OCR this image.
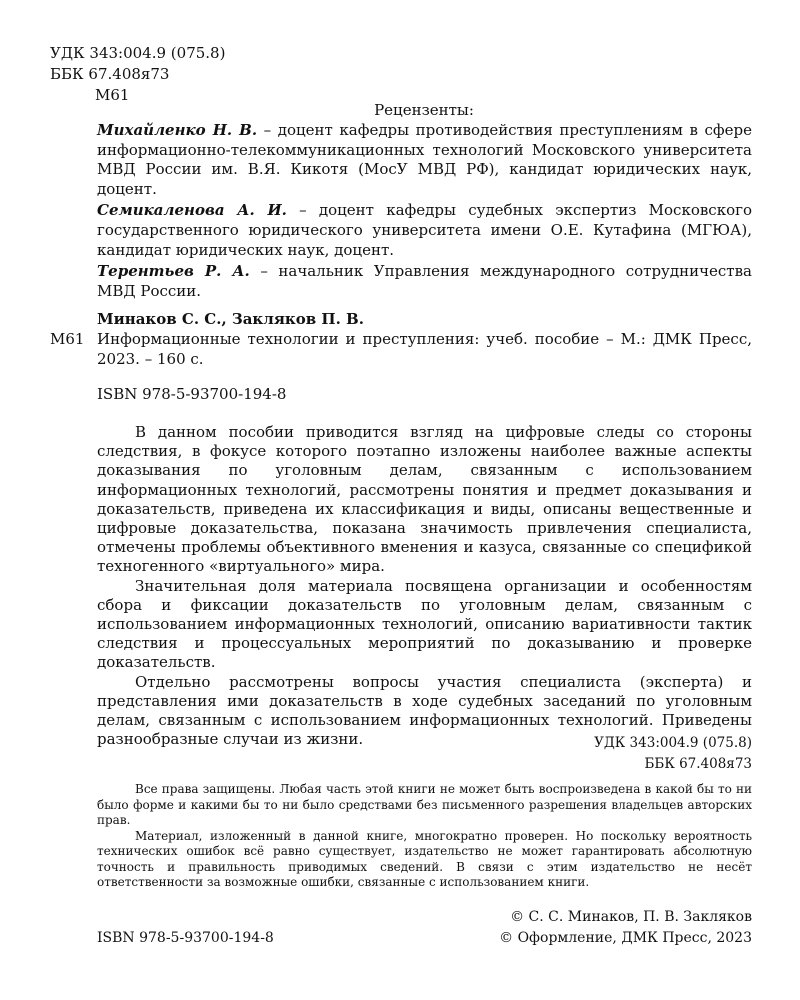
УДК 343:004.9 (075.8)
ББК 67.408я73
М61
Рецензенты:

Михайленко Н. В. – доцент кафедры противодействия преступлениям в сфере информационно-телекоммуникационных технологий Московского университета МВД России им. В.Я. Кикотя (МосУ МВД РФ), кандидат юридических наук, доцент.

Семикаленова А. И. – доцент кафедры судебных экспертиз Московского государственного юридического университета имени О.Е. Кутафина (МГЮА), кандидат юридических наук, доцент.

Терентьев Р. А. – начальник Управления международного сотрудничества МВД России.

Минаков С. С., Закляков П. В.
М61 Информационные технологии и преступления: учеб. пособие – М.: ДМК Пресс, 2023. – 160 с.
ISBN 978-5-93700-194-8

В данном пособии приводится взгляд на цифровые следы со стороны следствия, в фокусе которого поэтапно изложены наиболее важные аспекты доказывания по уголовным делам, связанным с использованием информационных технологий, рассмотрены понятия и предмет доказывания и доказательств, приведена их классификация и виды, описаны вещественные и цифровые доказательства, показана значимость привлечения специалиста, отмечены проблемы объективного вменения и казуса, связанные со спецификой техногенного «виртуального» мира.

Значительная доля материала посвящена организации и особенностям сбора и фиксации доказательств по уголовным делам, связанным с использованием информационных технологий, описанию вариативности тактик следствия и процессуальных мероприятий по доказыванию и проверке доказательств.

Отдельно рассмотрены вопросы участия специалиста (эксперта) и представления ими доказательств в ходе судебных заседаний по уголовным делам, связанным с использованием информационных технологий. Приведены разнообразные случаи из жизни.	УДК 343:004.9 (075.8)
ББК 67.408я73

Все права защищены. Любая часть этой книги не может быть воспроизведена в какой бы то ни было форме и какими бы то ни было средствами без письменного разрешения владельцев авторских прав.

Материал, изложенный в данной книге, многократно проверен. Но поскольку вероятность технических ошибок всё равно существует, издательство не может гарантировать абсолютную точность и правильность приводимых сведений. В связи с этим издательство не несёт ответственности за возможные ошибки, связанные с использованием книги.

© С. С. Минаков, П. В. Закляков
© Оформление, ДМК Пресс, 2023
ISBN 978-5-93700-194-8
